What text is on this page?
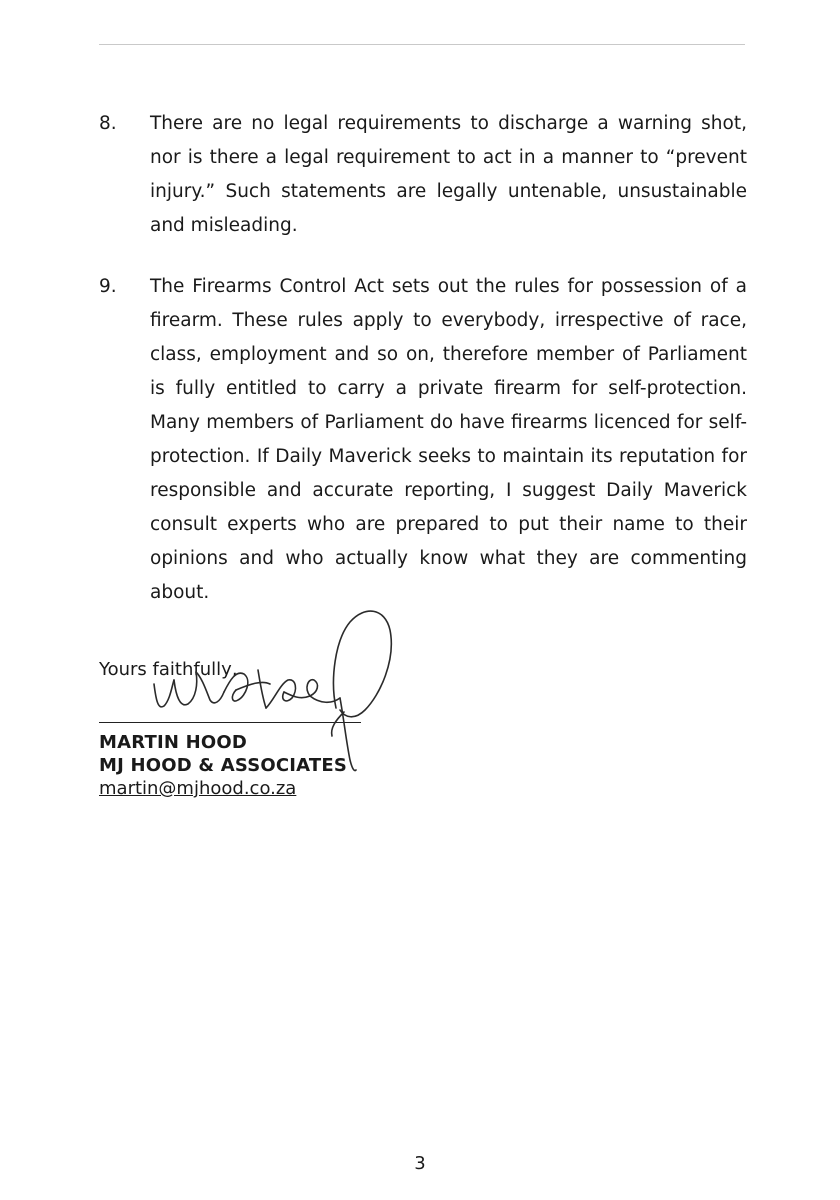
8. There are no legal requirements to discharge a warning shot, nor is there a legal requirement to act in a manner to “prevent injury.” Such statements are legally untenable, unsustainable and misleading.

9. The Firearms Control Act sets out the rules for possession of a firearm. These rules apply to everybody, irrespective of race, class, employment and so on, therefore member of Parliament is fully entitled to carry a private firearm for self-protection. Many members of Parliament do have firearms licenced for self-protection. If Daily Maverick seeks to maintain its reputation for responsible and accurate reporting, I suggest Daily Maverick consult experts who are prepared to put their name to their opinions and who actually know what they are commenting about.

Yours faithfully,
MARTIN HOOD
MJ HOOD & ASSOCIATES
martin@mjhood.co.za
3
